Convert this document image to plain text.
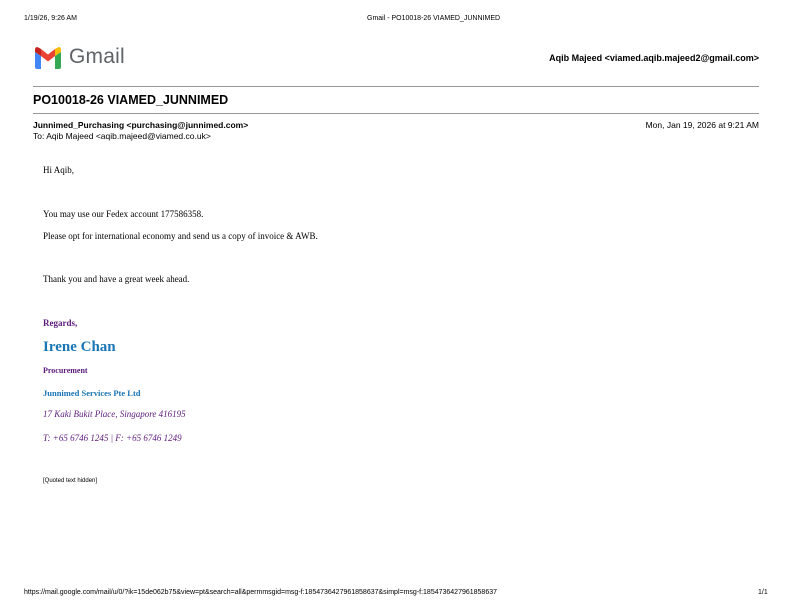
1/19/26, 9:26 AM	Gmail - PO10018-26 VIAMED_JUNNIMED
Gmail	Aqib Majeed <viamed.aqib.majeed2@gmail.com>
PO10018-26 VIAMED_JUNNIMED
Junnimed_Purchasing <purchasing@junnimed.com>
To: Aqib Majeed <aqib.majeed@viamed.co.uk>
Mon, Jan 19, 2026 at 9:21 AM
Hi Aqib,
You may use our Fedex account 177586358.
Please opt for international economy and send us a copy of invoice & AWB.
Thank you and have a great week ahead.
Regards,
Irene Chan
Procurement
Junnimed Services Pte Ltd
17 Kaki Bukit Place, Singapore 416195
T: +65 6746 1245 | F: +65 6746 1249
[Quoted text hidden]
https://mail.google.com/mail/u/0/?ik=15de062b75&view=pt&search=all&permmsgid=msg-f:1854736427961858637&simpl=msg-f:1854736427961858637	1/1
